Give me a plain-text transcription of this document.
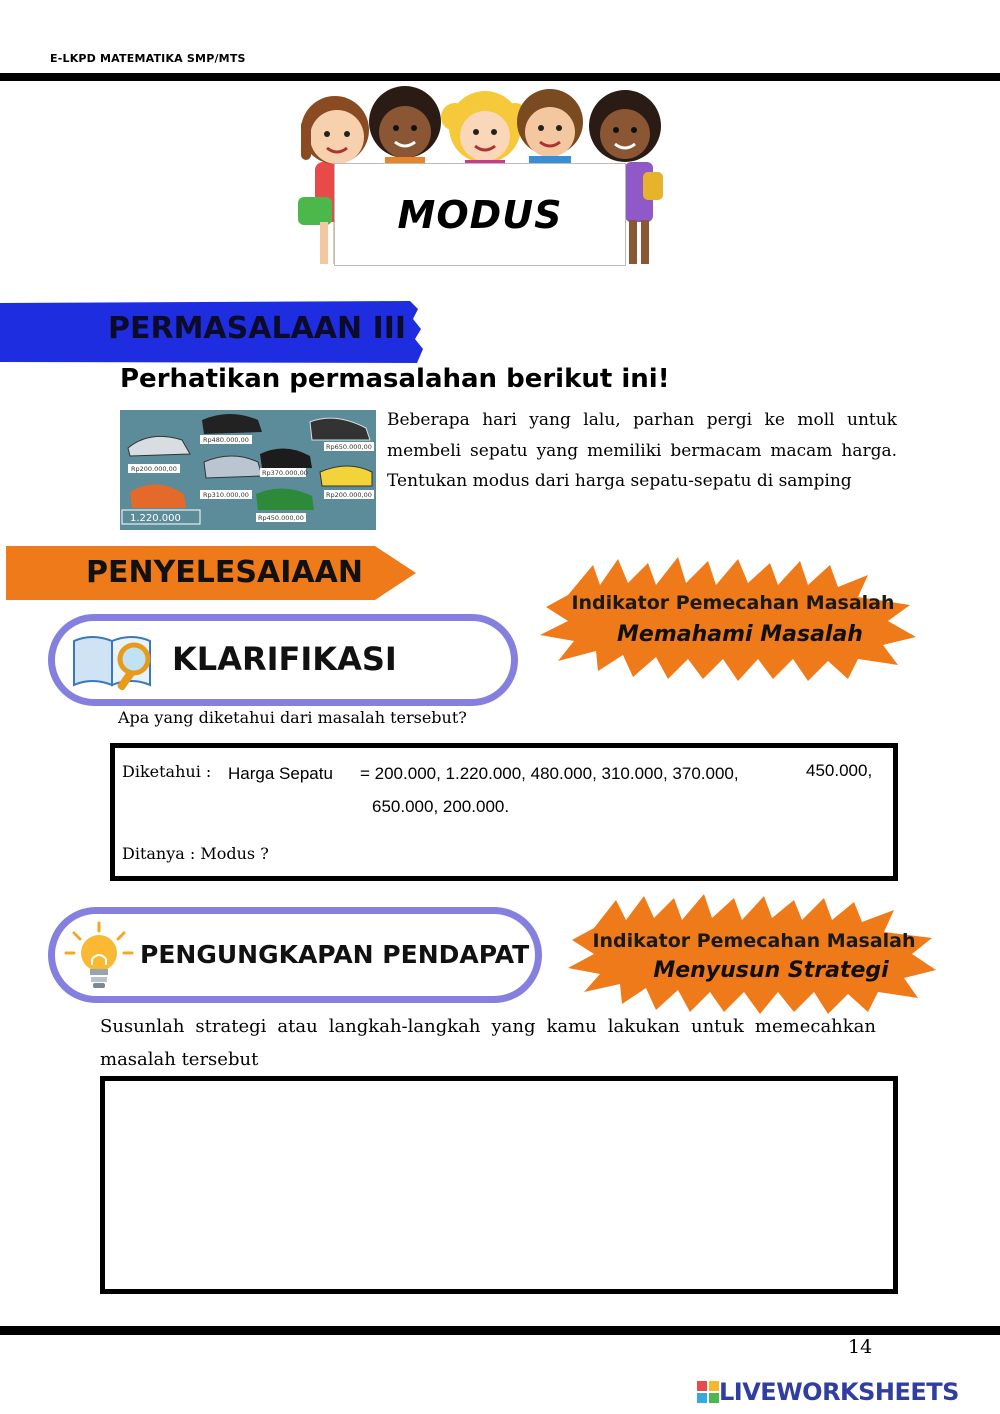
E-LKPD MATEMATIKA SMP/MTS
MODUS
PERMASALAAN III
Perhatikan permasalahan berikut ini!
Rp480.000,00
Rp650.000,00
Rp200.000,00	Rp370.000,00
Rp310.000,00	Rp200.000,00
1.220.000	Rp450.000,00
Beberapa hari yang lalu, parhan pergi ke moll untuk membeli sepatu yang memiliki bermacam macam harga. Tentukan modus dari harga sepatu-sepatu di samping
PENYELESAIAAN
Indikator Pemecahan Masalah
Memahami Masalah
KLARIFIKASI
Apa yang diketahui dari masalah tersebut?
Diketahui : Harga Sepatu = 200.000, 1.220.000, 480.000, 310.000, 370.000,	450.000,
650.000, 200.000.
Ditanya : Modus ?
Indikator Pemecahan Masalah
Menyusun Strategi
PENGUNGKAPAN PENDAPAT
Susunlah strategi atau langkah-langkah yang kamu lakukan untuk memecahkan masalah tersebut
14
LIVEWORKSHEETS
